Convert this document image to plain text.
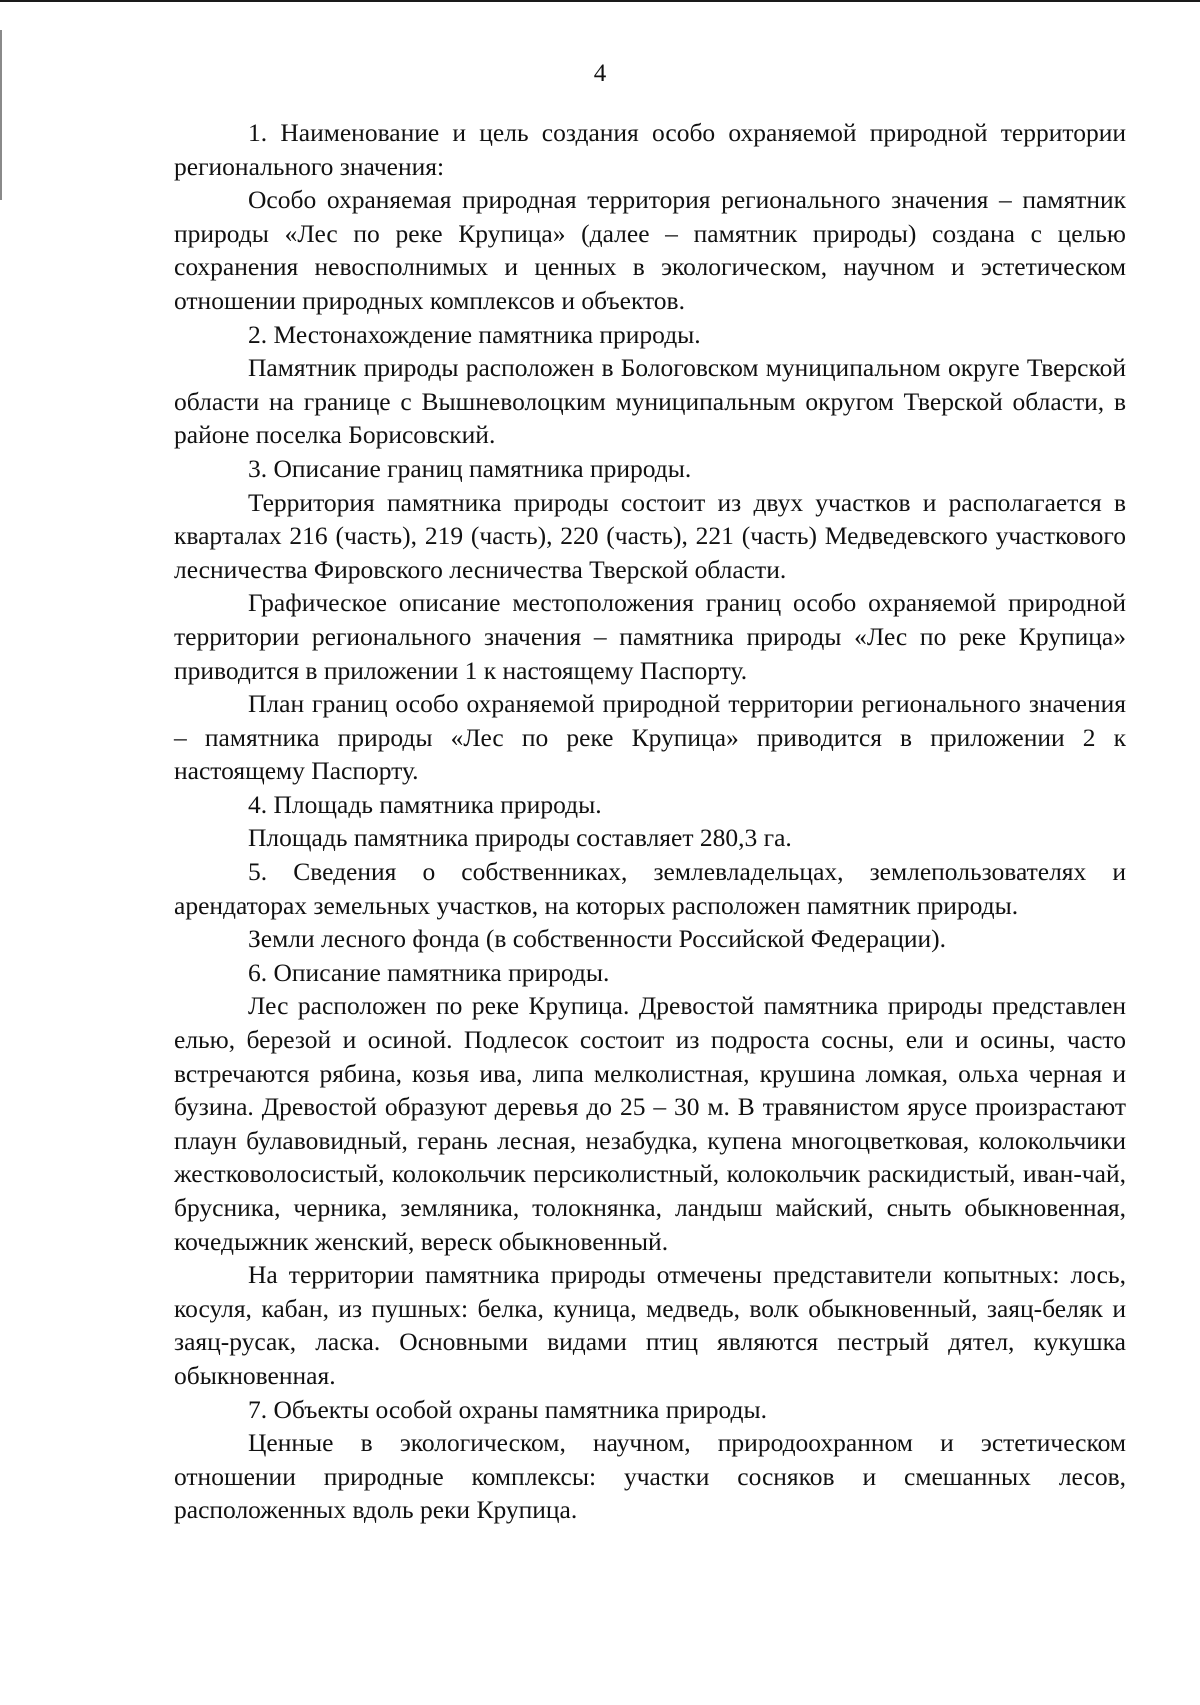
4

1. Наименование и цель создания особо охраняемой природной территории регионального значения:

Особо охраняемая природная территория регионального значения – памятник природы «Лес по реке Крупица» (далее – памятник природы) создана с целью сохранения невосполнимых и ценных в экологическом, научном и эстетическом отношении природных комплексов и объектов.

2. Местонахождение памятника природы.

Памятник природы расположен в Бологовском муниципальном округе Тверской области на границе с Вышневолоцким муниципальным округом Тверской области, в районе поселка Борисовский.

3. Описание границ памятника природы.

Территория памятника природы состоит из двух участков и располагается в кварталах 216 (часть), 219 (часть), 220 (часть), 221 (часть) Медведевского участкового лесничества Фировского лесничества Тверской области.

Графическое описание местоположения границ особо охраняемой природной территории регионального значения – памятника природы «Лес по реке Крупица» приводится в приложении 1 к настоящему Паспорту.

План границ особо охраняемой природной территории регионального значения – памятника природы «Лес по реке Крупица» приводится в приложении 2 к настоящему Паспорту.

4. Площадь памятника природы.

Площадь памятника природы составляет 280,3 га.

5. Сведения о собственниках, землевладельцах, землепользователях и арендаторах земельных участков, на которых расположен памятник природы.

Земли лесного фонда (в собственности Российской Федерации).

6. Описание памятника природы.

Лес расположен по реке Крупица. Древостой памятника природы представлен елью, березой и осиной. Подлесок состоит из подроста сосны, ели и осины, часто встречаются рябина, козья ива, липа мелколистная, крушина ломкая, ольха черная и бузина. Древостой образуют деревья до 25 – 30 м. В травянистом ярусе произрастают плаун булавовидный, герань лесная, незабудка, купена многоцветковая, колокольчики жестковолосистый, колокольчик персиколистный, колокольчик раскидистый, иван-чай, брусника, черника, земляника, толокнянка, ландыш майский, сныть обыкновенная, кочедыжник женский, вереск обыкновенный.

На территории памятника природы отмечены представители копытных: лось, косуля, кабан, из пушных: белка, куница, медведь, волк обыкновенный, заяц-беляк и заяц-русак, ласка. Основными видами птиц являются пестрый дятел, кукушка обыкновенная.

7. Объекты особой охраны памятника природы.

Ценные в экологическом, научном, природоохранном и эстетическом отношении природные комплексы: участки сосняков и смешанных лесов, расположенных вдоль реки Крупица.
